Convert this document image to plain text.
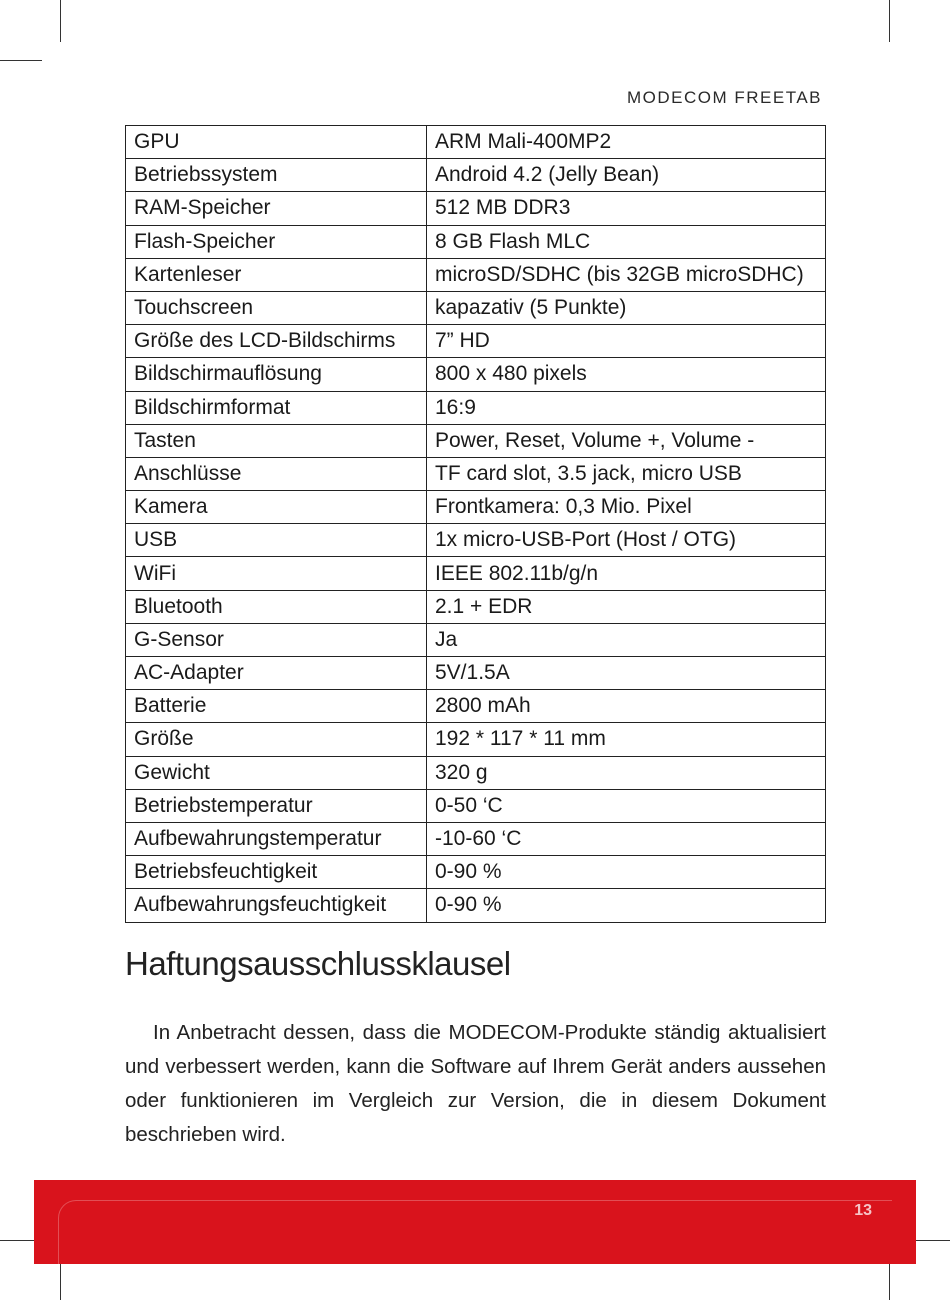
MODECOM FREETAB
GPU	ARM Mali-400MP2
Betriebssystem	Android 4.2 (Jelly Bean)
RAM-Speicher	512 MB DDR3
Flash-Speicher	8 GB Flash MLC
Kartenleser	microSD/SDHC (bis 32GB microSDHC)
Touchscreen	kapazativ (5 Punkte)
Größe des LCD-Bildschirms	7” HD
Bildschirmauflösung	800 x 480 pixels
Bildschirmformat	16:9
Tasten	Power, Reset, Volume +, Volume -
Anschlüsse	TF card slot, 3.5 jack, micro USB
Kamera	Frontkamera: 0,3 Mio. Pixel
USB	1x micro-USB-Port (Host / OTG)
WiFi	IEEE 802.11b/g/n
Bluetooth	2.1 + EDR
G-Sensor	Ja
AC-Adapter	5V/1.5A
Batterie	2800 mAh
Größe	192 * 117 * 11 mm
Gewicht	320 g
Betriebstemperatur	0-50 ‘C
Aufbewahrungstemperatur	-10-60 ‘C
Betriebsfeuchtigkeit	0-90 %
Aufbewahrungsfeuchtigkeit	0-90 %
Haftungsausschlussklausel
In Anbetracht dessen, dass die MODECOM-Produkte ständig aktualisiert und verbessert werden, kann die Software auf Ihrem Gerät anders aussehen oder funktionieren im Vergleich zur Version, die in diesem Dokument beschrieben wird.
13
